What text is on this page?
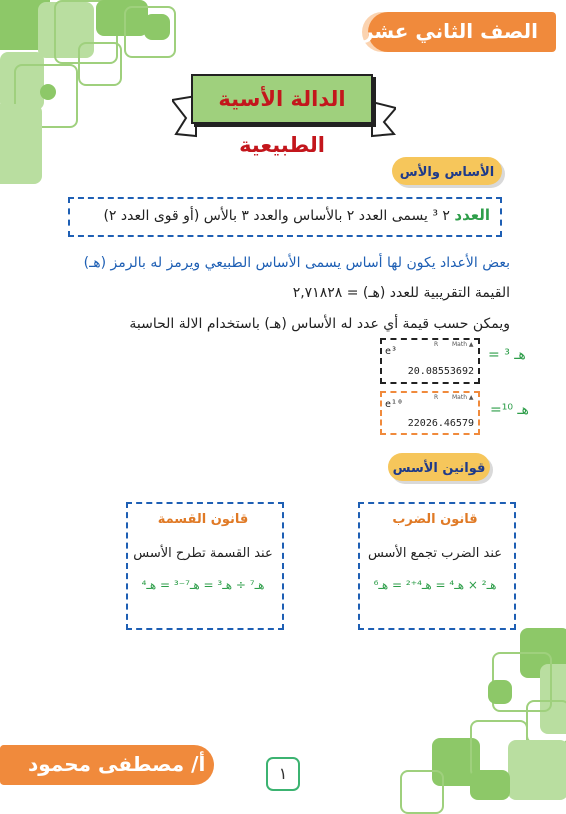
الصف الثاني عشر
الدالة الأسية الطبيعية
الأساس والأس
العدد ٢ ³ يسمى العدد ٢ بالأساس والعدد ٣ بالأس (أو قوى العدد ٢)
بعض الأعداد يكون لها أساس يسمى الأساس الطبيعي ويرمز له بالرمز (هـ)
القيمة التقريبية للعدد (هـ) = ٢,٧١٨٢٨
ويمكن حسب قيمة أي عدد له الأساس (هـ) باستخدام الالة الحاسبة
هـ ³ =
e³
R Math ▲
20.08553692
هـ ¹⁰=
e¹⁰
R Math ▲
22026.46579
قوانين الأسس
قانون الضرب
عند الضرب تجمع الأسس
هـ² × هـ⁴ = هـ⁴⁺² = هـ⁶
قانون القسمة
عند القسمة تطرح الأسس
هـ⁷ ÷ هـ³ = هـ⁷⁻³ = هـ⁴
أ/ مصطفى محمود	١
